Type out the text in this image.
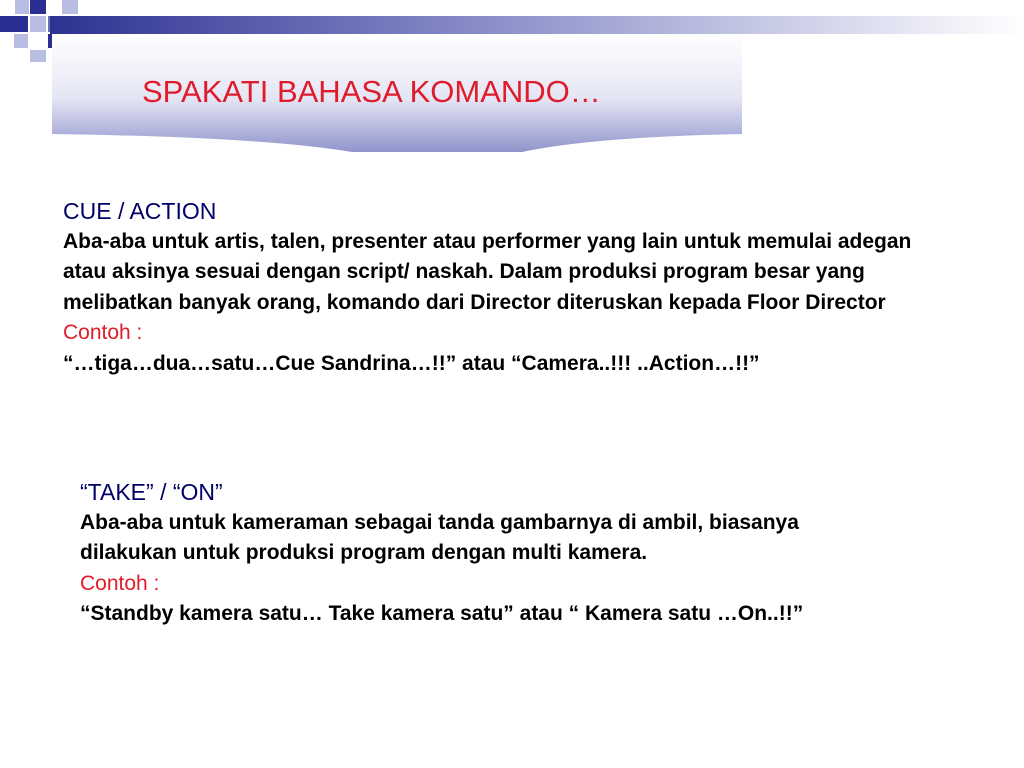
SPAKATI BAHASA KOMANDO…
CUE / ACTION
Aba-aba untuk artis, talen, presenter atau performer yang lain untuk memulai adegan atau aksinya sesuai dengan script/ naskah. Dalam produksi program besar yang melibatkan banyak orang, komando dari Director diteruskan kepada Floor Director
Contoh :
“…tiga…dua…satu…Cue Sandrina…!!” atau “Camera..!!! ..Action…!!”
“TAKE” / “ON”
Aba-aba untuk kameraman sebagai tanda gambarnya di ambil, biasanya dilakukan untuk produksi program dengan multi kamera.
Contoh :
“Standby kamera satu… Take kamera satu” atau “ Kamera satu …On..!!”
